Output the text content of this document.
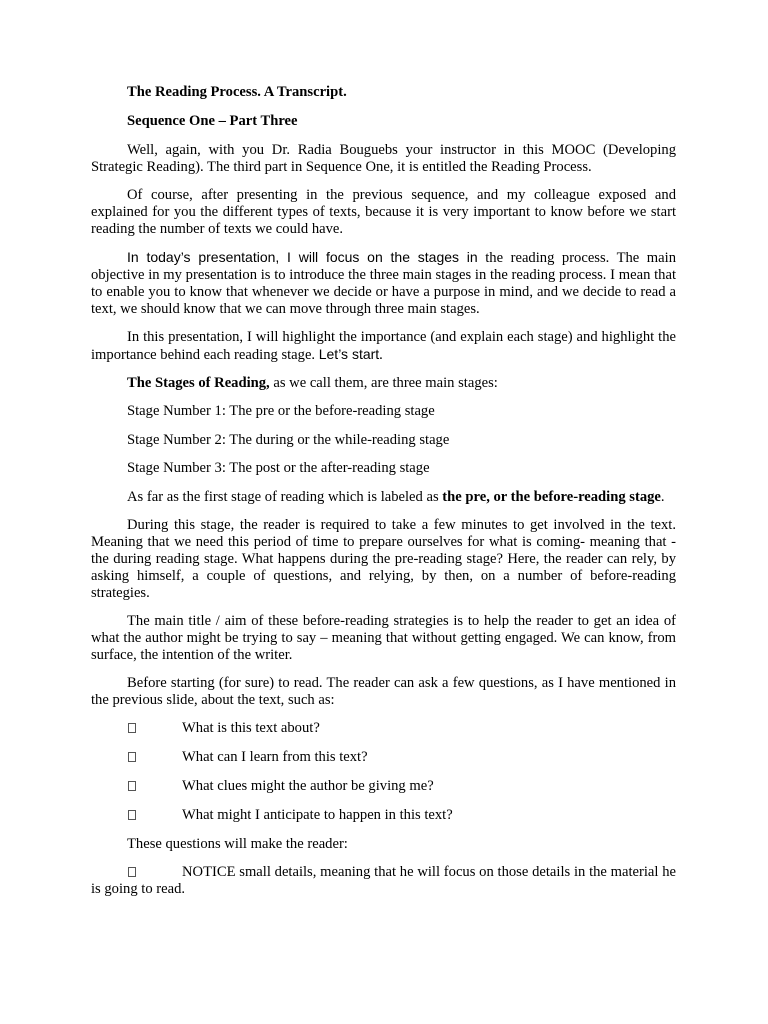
The Reading Process. A Transcript.

Sequence One – Part Three

Well, again, with you Dr. Radia Bouguebs your instructor in this MOOC (Developing Strategic Reading). The third part in Sequence One, it is entitled the Reading Process.

Of course, after presenting in the previous sequence, and my colleague exposed and explained for you the different types of texts, because it is very important to know before we start reading the number of texts we could have.

In today’s presentation, I will focus on the stages in the reading process. The main objective in my presentation is to introduce the three main stages in the reading process. I mean that to enable you to know that whenever we decide or have a purpose in mind, and we decide to read a text, we should know that we can move through three main stages.

In this presentation, I will highlight the importance (and explain each stage) and highlight the importance behind each reading stage. Let’s start.

The Stages of Reading, as we call them, are three main stages:

Stage Number 1: The pre or the before-reading stage

Stage Number 2: The during or the while-reading stage

Stage Number 3: The post or the after-reading stage

As far as the first stage of reading which is labeled as the pre, or the before-reading stage.

During this stage, the reader is required to take a few minutes to get involved in the text. Meaning that we need this period of time to prepare ourselves for what is coming- meaning that -the during reading stage. What happens during the pre-reading stage? Here, the reader can rely, by asking himself, a couple of questions, and relying, by then, on a number of before-reading strategies.

The main title / aim of these before-reading strategies is to help the reader to get an idea of what the author might be trying to say – meaning that without getting engaged. We can know, from surface, the intention of the writer.

Before starting (for sure) to read. The reader can ask a few questions, as I have mentioned in the previous slide, about the text, such as:

What is this text about?
What can I learn from this text?
What clues might the author be giving me?
What might I anticipate to happen in this text?

These questions will make the reader:

NOTICE small details, meaning that he will focus on those details in the material he is going to read.
